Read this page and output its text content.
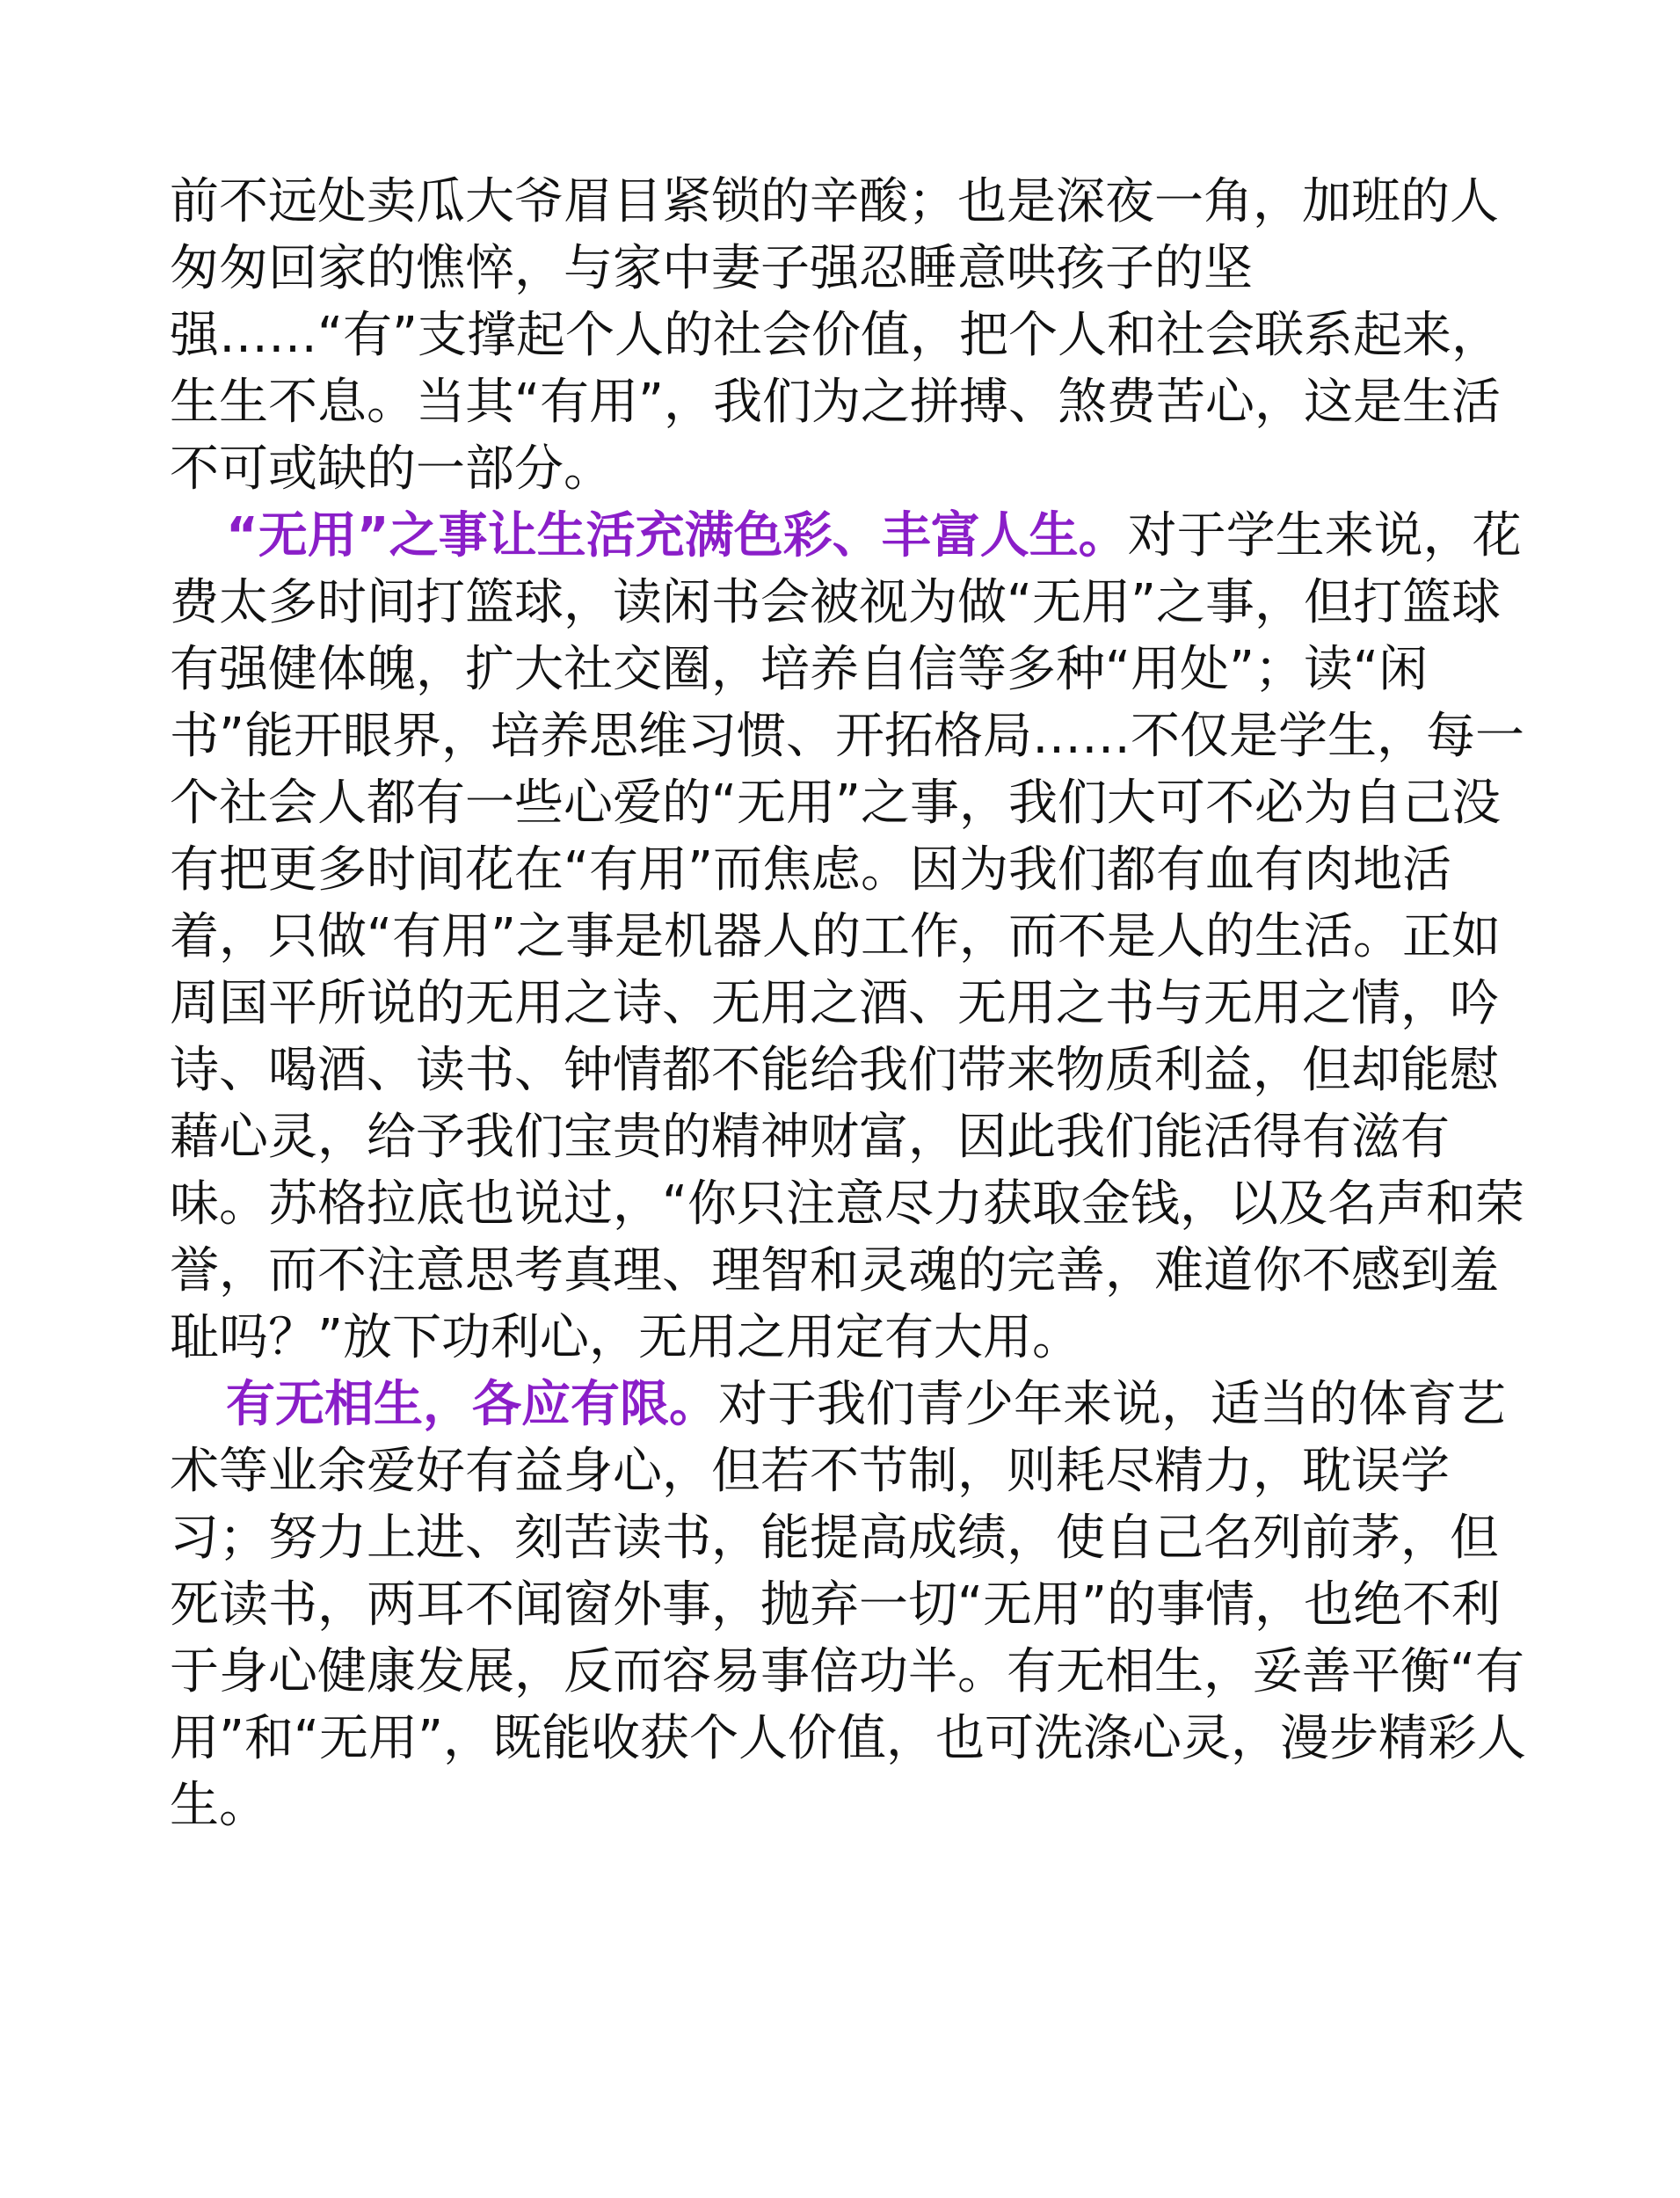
前不远处卖瓜大爷眉目紧锁的辛酸；也是深夜一角，加班的人匆匆回家的憔悴，与家中妻子强忍睡意哄孩子的坚强……“有”支撑起个人的社会价值，把个人和社会联系起来，生生不息。当其“有用”，我们为之拼搏、煞费苦心，这是生活不可或缺的一部分。

“无用”之事让生活充满色彩、丰富人生。对于学生来说，花费太多时间打篮球，读闲书会被视为做“无用”之事，但打篮球有强健体魄，扩大社交圈，培养自信等多种“用处”；读“闲书”能开眼界，培养思维习惯、开拓格局……不仅是学生，每一个社会人都有一些心爱的“无用”之事，我们大可不必为自己没有把更多时间花在“有用”而焦虑。因为我们都有血有肉地活着，只做“有用”之事是机器人的工作，而不是人的生活。正如周国平所说的无用之诗、无用之酒、无用之书与无用之情，吟诗、喝酒、读书、钟情都不能给我们带来物质利益，但却能慰藉心灵，给予我们宝贵的精神财富，因此我们能活得有滋有味。苏格拉底也说过，“你只注意尽力获取金钱，以及名声和荣誉，而不注意思考真理、理智和灵魂的完善，难道你不感到羞耻吗？”放下功利心，无用之用定有大用。

有无相生，各应有限。对于我们青少年来说，适当的体育艺术等业余爱好有益身心，但若不节制，则耗尽精力，耽误学习；努力上进、刻苦读书，能提高成绩，使自己名列前茅，但死读书，两耳不闻窗外事，抛弃一切“无用”的事情，也绝不利于身心健康发展，反而容易事倍功半。有无相生，妥善平衡“有用”和“无用”，既能收获个人价值，也可洗涤心灵，漫步精彩人生。
